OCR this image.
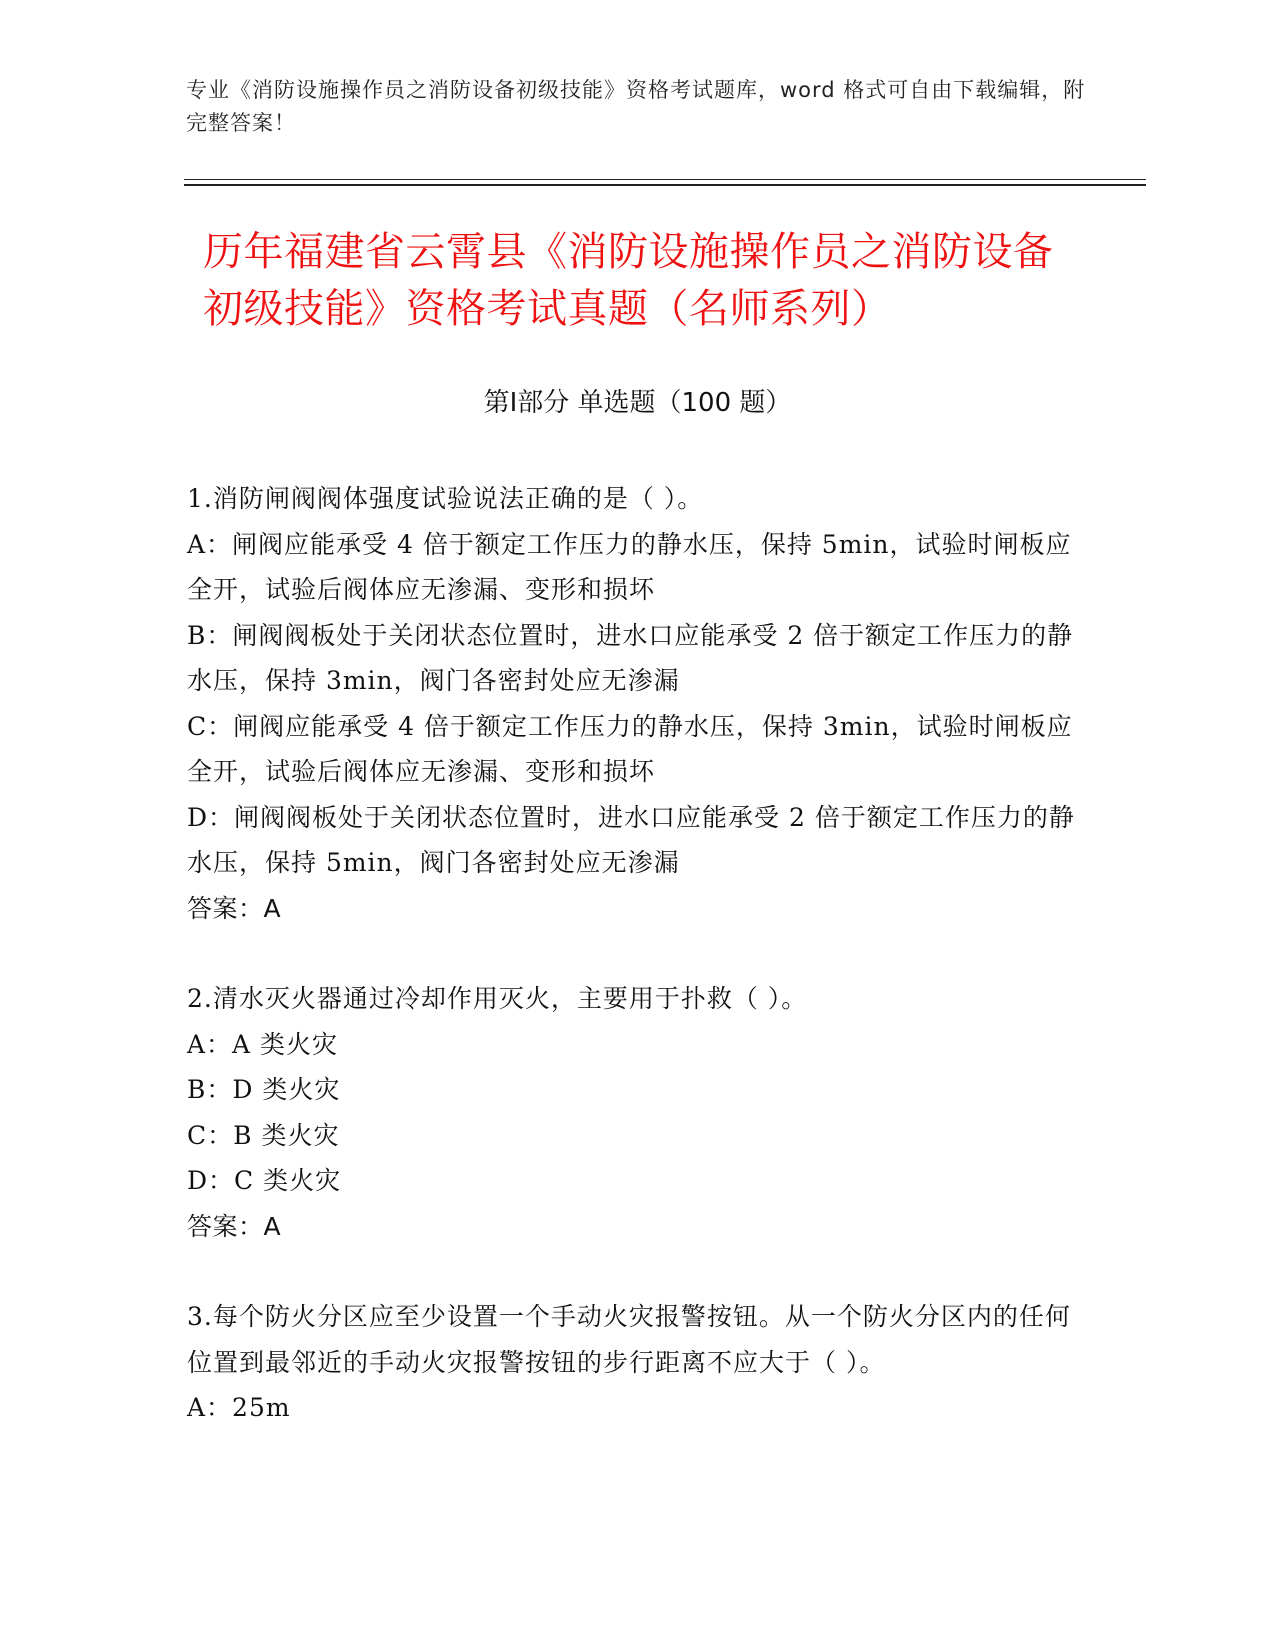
专业《消防设施操作员之消防设备初级技能》资格考试题库，word 格式可自由下载编辑，附完整答案！
历年福建省云霄县《消防设施操作员之消防设备初级技能》资格考试真题（名师系列）
第Ⅰ部分 单选题（100 题）

1.消防闸阀阀体强度试验说法正确的是（ ）。

A：闸阀应能承受 4 倍于额定工作压力的静水压，保持 5min，试验时闸板应全开，试验后阀体应无渗漏、变形和损坏

B：闸阀阀板处于关闭状态位置时，进水口应能承受 2 倍于额定工作压力的静水压，保持 3min，阀门各密封处应无渗漏

C：闸阀应能承受 4 倍于额定工作压力的静水压，保持 3min，试验时闸板应全开，试验后阀体应无渗漏、变形和损坏

D：闸阀阀板处于关闭状态位置时，进水口应能承受 2 倍于额定工作压力的静水压，保持 5min，阀门各密封处应无渗漏

答案：A

2.清水灭火器通过冷却作用灭火，主要用于扑救（ ）。

A：A 类火灾

B：D 类火灾

C：B 类火灾

D：C 类火灾

答案：A

3.每个防火分区应至少设置一个手动火灾报警按钮。从一个防火分区内的任何位置到最邻近的手动火灾报警按钮的步行距离不应大于（ ）。

A：25m
